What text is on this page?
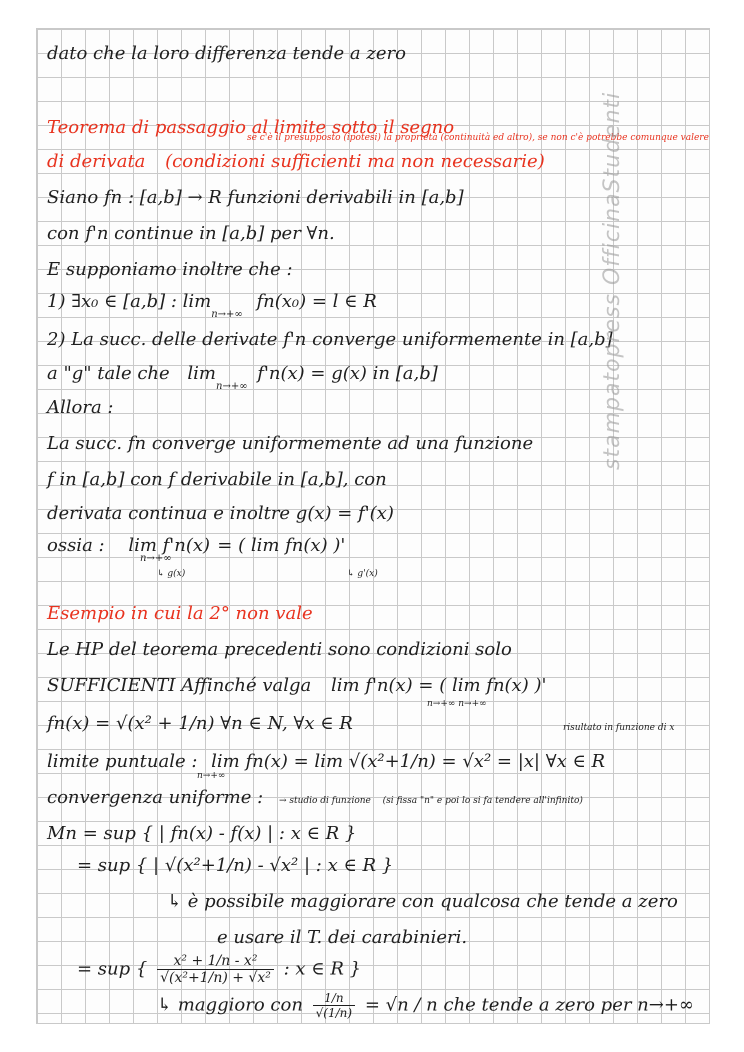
dato che la loro differenza tende a zero
Teorema di passaggio al limite sotto il segno
se c'è il presupposto (ipotesi) la proprietà (continuità ed altro), se non c'è potrebbe comunque valere
di derivata (condizioni sufficienti ma non necessarie)
Siano fn : [a,b] → R funzioni derivabili in [a,b]
con f'n continue in [a,b] per ∀n.
E supponiamo inoltre che :
1) ∃x₀ ∈ [a,b] : $\lim_{n\to+\infty} fn(x_0) = l$ ∈ R
2) La succ. delle derivate f'n converge uniformemente in [a,b]
a "g" tale che $\lim_{n\to+\infty} f'n(x) = g(x)$ in [a,b]
Allora :
La succ. fn converge uniformemente ad una funzione
f in [a,b] con f derivabile in [a,b], con
derivata continua e inoltre g(x) = f'(x)
ossia : $\lim f'n(x)_{n\to+\infty}$ = ( lim fn(x) )'
↳ g(x)	↳ g'(x)
Esempio in cui la 2° non vale
Le HP del teorema precedenti sono condizioni solo
SUFFICIENTI Affinché valga lim f'n(x) = ( lim fn(x) )'
n→+∞ n→+∞
fn(x) = √(x² + 1/n) ∀n ∈ N, ∀x ∈ R	risultato in funzione di x
limite puntuale : lim fn(x) = lim √(x²+1/n) = √x² = |x| ∀x ∈ R
n→+∞
convergenza uniforme : → studio di funzione (si fissa "n" e poi lo si fa tendere all'infinito)
Mn = sup { | fn(x) - f(x) | : x ∈ R }
= sup { | √(x²+1/n) - √x² | : x ∈ R }
↳ è possibile maggiorare con qualcosa che tende a zero
e usare il T. dei carabinieri.
= sup { $\frac{\text{x² + 1/n - x²}}{\text{√(x²+1/n) + √x²}}$ : x ∈ R }
↳ maggioro con $\frac{1/n}{√(1/n)} = √n / n$ che tende a zero per n→+∞
stampatopress OfficinaStudenti
